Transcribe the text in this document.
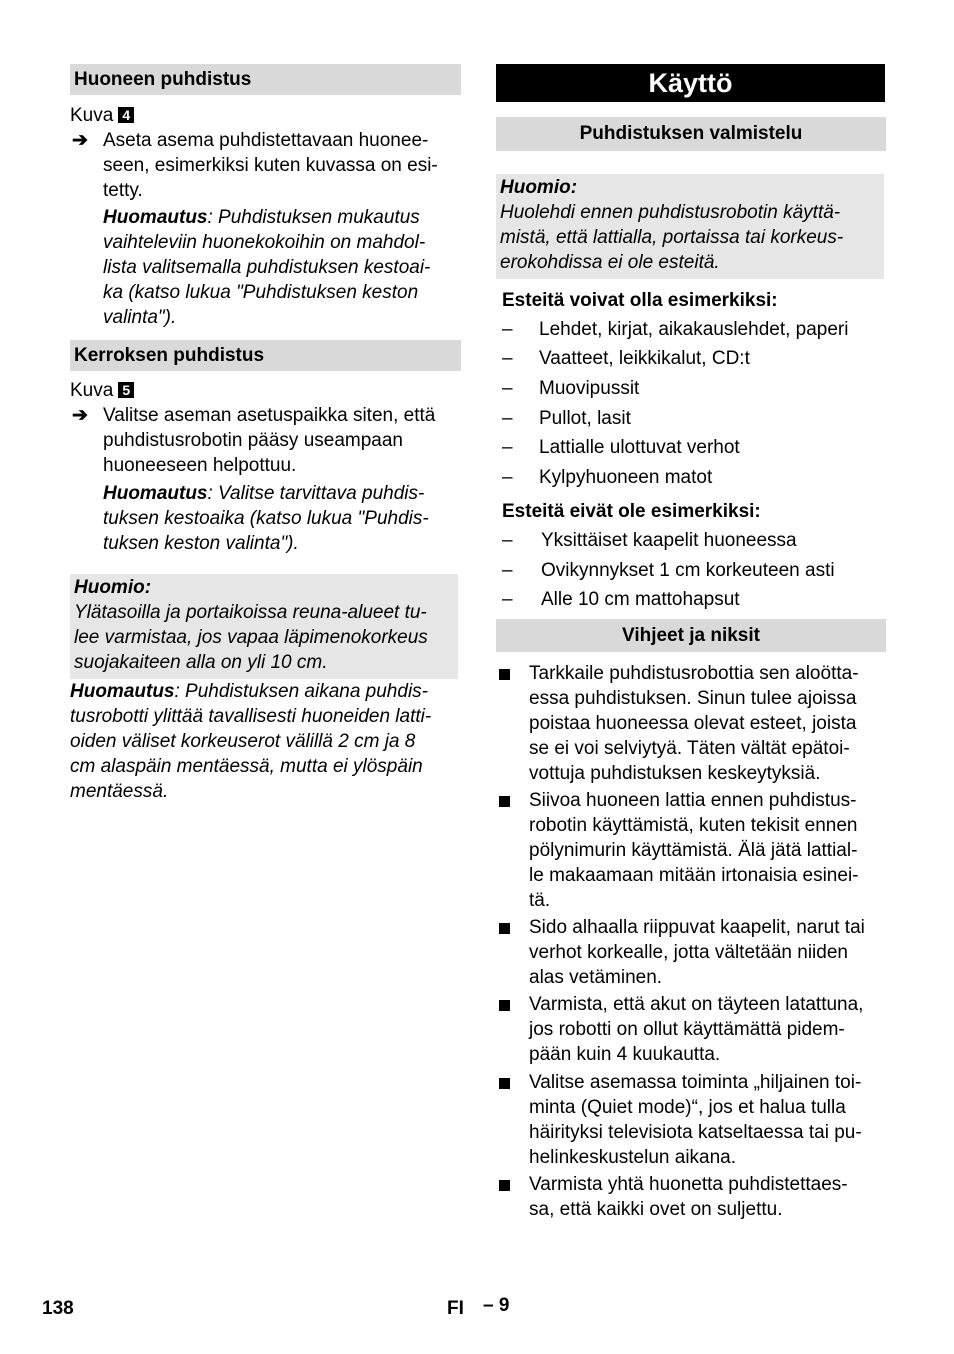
Huoneen puhdistus
Kuva 4
➔ Aseta asema puhdistettavaan huonee-
seen, esimerkiksi kuten kuvassa on esi-
tetty.
Huomautus: Puhdistuksen mukautus
vaihteleviin huonekokoihin on mahdol-
lista valitsemalla puhdistuksen kestoai-
ka (katso lukua "Puhdistuksen keston
valinta").
Kerroksen puhdistus
Kuva 5
➔ Valitse aseman asetuspaikka siten, että
puhdistusrobotin pääsy useampaan
huoneeseen helpottuu.
Huomautus: Valitse tarvittava puhdis-
tuksen kestoaika (katso lukua "Puhdis-
tuksen keston valinta").
Huomio:
Ylätasoilla ja portaikoissa reuna-alueet tu-
lee varmistaa, jos vapaa läpimenokorkeus
suojakaiteen alla on yli 10 cm.
Huomautus: Puhdistuksen aikana puhdis-
tusrobotti ylittää tavallisesti huoneiden latti-
oiden väliset korkeuserot välillä 2 cm ja 8
cm alaspäin mentäessä, mutta ei ylöspäin
mentäessä.
Käyttö
Puhdistuksen valmistelu
Huomio:
Huolehdi ennen puhdistusrobotin käyttä-
mistä, että lattialla, portaissa tai korkeus-
erokohdissa ei ole esteitä.
Esteitä voivat olla esimerkiksi:
– Lehdet, kirjat, aikakauslehdet, paperi
– Vaatteet, leikkikalut, CD:t
– Muovipussit
– Pullot, lasit
– Lattialle ulottuvat verhot
– Kylpyhuoneen matot
Esteitä eivät ole esimerkiksi:
– Yksittäiset kaapelit huoneessa
– Ovikynnykset 1 cm korkeuteen asti
– Alle 10 cm mattohapsut
Vihjeet ja niksit
Tarkkaile puhdistusrobottia sen aloötta-
essa puhdistuksen. Sinun tulee ajoissa
poistaa huoneessa olevat esteet, joista
se ei voi selviytyä. Täten vältät epätoi-
vottuja puhdistuksen keskeytyksiä.
Siivoa huoneen lattia ennen puhdistus-
robotin käyttämistä, kuten tekisit ennen
pölynimurin käyttämistä. Älä jätä lattial-
le makaamaan mitään irtonaisia esinei-
tä.
Sido alhaalla riippuvat kaapelit, narut tai
verhot korkealle, jotta vältetään niiden
alas vetäminen.
Varmista, että akut on täyteen latattuna,
jos robotti on ollut käyttämättä pidem-
pään kuin 4 kuukautta.
Valitse asemassa toiminta „hiljainen toi-
minta (Quiet mode)“, jos et halua tulla
häirityksi televisiota katseltaessa tai pu-
helinkeskustelun aikana.
Varmista yhtä huonetta puhdistettaes-
sa, että kaikki ovet on suljettu.
138	FI – 9
